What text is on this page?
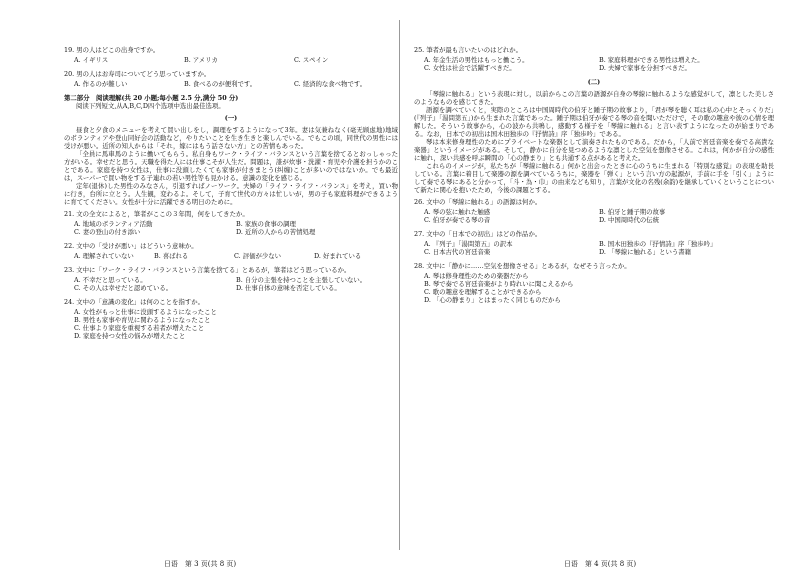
19. 男の人はどこの出身ですか。

A. イギリス	B. アメリカ	C. スペイン

20. 男の人はお寿司についてどう思っていますか。

A. 作るのが難しい	B. 食べるのが便利です。	C. 経済的な食べ物です。

第二部分　阅读理解(共 20 小题;每小题 2.5 分,满分 50 分)

阅读下列短文,从A,B,C,D四个选项中选出最佳选项。

(一)

昼食と夕食のメニューを考えて買い出しをし，調理をするようになって3年。妻は気兼ねなく(毫无顾虑地)地域のボランティアや登山同好会の活動など，やりたいことを生き生きと楽しんでいる。でもこの頃，同世代の男性には受けが悪い。近所の知人からは「それ，嫁にはもう話さない方」との苦情もあった。

「全員に馬車馬のように働いてもらう。私自身もワーク・ライフ・バランスという言葉を捨てるとおっしゃった方がいる。幸せだと思う。天職を得た人には仕事こそが人生だ。問題は，誰が炊事・洗濯・育児や介護を担うかのことである。家庭を持つ女性は，仕事に没頭したくても家事が付きまとう(纠缠)ことが多いのではないか。でも最近は，スーパーで買い物をする子連れの若い男性等も見かける。意識の変化を感じる。

定年(退休)した男性のみなさん，引退すればノーワーク。夫婦の「ライフ・ライフ・バランス」を考え，買い物に行き，台所に立とう。人生観，変わるよ。そして，子育て世代の方々は忙しいが，男の子も家庭料理ができるように育ててください。女性が十分に活躍できる明日のために。

21. 文の全文によると，筆者がここの３年間，何をしてきたか。

A. 地域のボランティア活動	B. 家族の食事の調理
C. 妻の登山の付き添い	D. 近所の人からの苦情処理

22. 文中の「受けが悪い」はどういう意味か。

A. 理解されていない	B. 喜ばれる	C. 評価が少ない	D. 好まれている

23. 文中に「ワーク・ライフ・バランスという言葉を捨てる」とあるが，筆者はどう思っているか。

A. 不幸だと思っている。	B. 自分の主張を持つことを主張していない。
C. その人は幸せだと認めている。	D. 仕事自体の意味を否定している。

24. 文中の「意識の変化」は何のことを指すか。

A. 女性がもっと仕事に没頭するようになったこと
B. 男性も家事や育児に関わるようになったこと
C. 仕事より家庭を重視する若者が増えたこと
D. 家庭を持つ女性の悩みが増えたこと
日语　第 3 页(共 8 页)

25. 筆者が最も言いたいのはどれか。

A. 年金生活の男性はもっと働こう。	B. 家庭料理ができる男性は増えた。
C. 女性は社会で活躍すべきだ。	D. 夫婦で家事を分担すべきだ。

(二)

「琴線に触れる」という表現に対し，以前からこの言葉の語源が自身の琴線に触れるような感覚がして，凛とした美しさのようなものを感じてきた。

語源を調べていくと，実際のところは中国周時代の伯牙と鍾子期の故事より，「君が琴を聴く耳は私の心中とそっくりだ」(『列子』「湯問第五」)から生まれた言葉であった。鍾子期は伯牙が奏でる琴の音を聞いただけで，その歌の趣意や彼の心情を理解した。そういう故事から，心の波から共鳴し，感動する様子を「琴線に触れる」と言い表すようになったのが始まりである。なお，日本での初出は国木田独歩の『抒情詩』序「独歩吟」である。

琴は本来修身理性のためにプライベートな楽器として演奏されたものである。だから，「人前で宮廷音楽を奏でる高貴な楽器」というイメージがある。そして，静かに自分を見つめるような凛とした空気を想像させる。これは，何かが自分の感性に触れ，深い共感を呼ぶ瞬間の「心の静まり」とも共通する点があると考えた。

これらのイメージが，私たちが「琴線に触れる」何かと出会ったときに心のうちに生まれる「特別な感覚」の表現を助長している。言葉に着目して楽器の源を調べているうちに，楽器を「弾く」という言い方の起源が，手前に手を「引く」ようにして奏でる琴にあると分かって，「斗・為・巾」の由来なども知り，言葉が文化の名残(余韵)を継承していくということについて新たに関心を抱いたため，今後の課題とする。

26. 文中の「琴線に触れる」の語源は何か。

A. 琴の弦に触れた触感	B. 伯牙と鍾子期の故事
C. 伯牙が奏でる琴の音	D. 中国周時代の伝統

27. 文中の「日本での初出」はどの作品か。

A. 『列子』「湯問第五」の訳本	B. 国木田独歩の『抒情詩』序「独歩吟」
C. 日本古代の宮廷音楽	D. 「琴線に触れる」という書籍

28. 文中に「静かに……空気を想像させる」とあるが，なぜそう言ったか。

A. 琴は修身理性のための楽器だから
B. 琴で奏でる宮廷音楽がより時れいに聞こえるから
C. 歌の趣意を理解することができるから
D. 「心の静まり」とはまったく同じものだから
日语　第 4 页(共 8 页)
